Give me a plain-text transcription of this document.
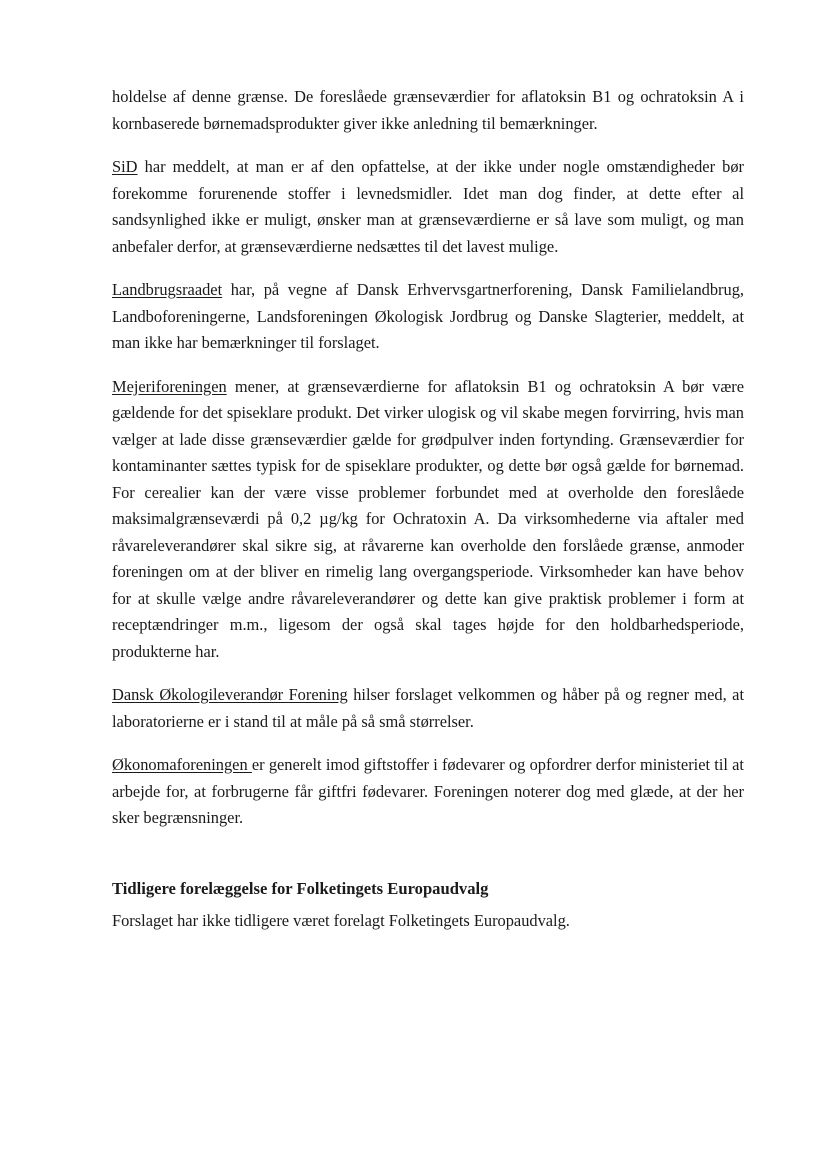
holdelse af denne grænse. De foreslåede grænseværdier for aflatoksin B1 og ochratoksin A i kornbaserede børnemadsprodukter giver ikke anledning til bemærkninger.

SiD har meddelt, at man er af den opfattelse, at der ikke under nogle omstændigheder bør forekomme forurenende stoffer i levnedsmidler. Idet man dog finder, at dette efter al sandsynlighed ikke er muligt, ønsker man at grænseværdierne er så lave som muligt, og man anbefaler derfor, at grænseværdierne nedsættes til det lavest mulige.

Landbrugsraadet har, på vegne af Dansk Erhvervsgartnerforening, Dansk Familielandbrug, Landboforeningerne, Landsforeningen Økologisk Jordbrug og Danske Slagterier, meddelt, at man ikke har bemærkninger til forslaget.

Mejeriforeningen mener, at grænseværdierne for aflatoksin B1 og ochratoksin A bør være gældende for det spiseklare produkt. Det virker ulogisk og vil skabe megen forvirring, hvis man vælger at lade disse grænseværdier gælde for grødpulver inden fortynding. Grænseværdier for kontaminanter sættes typisk for de spiseklare produkter, og dette bør også gælde for børnemad. For cerealier kan der være visse problemer forbundet med at overholde den foreslåede maksimalgrænseværdi på 0,2 µg/kg for Ochratoxin A. Da virksomhederne via aftaler med råvareleverandører skal sikre sig, at råvarerne kan overholde den forslåede grænse, anmoder foreningen om at der bliver en rimelig lang overgangsperiode. Virksomheder kan have behov for at skulle vælge andre råvareleverandører og dette kan give praktisk problemer i form at receptændringer m.m., ligesom der også skal tages højde for den holdbarhedsperiode, produkterne har.

Dansk Økologileverandør Forening hilser forslaget velkommen og håber på og regner med, at laboratorierne er i stand til at måle på så små størrelser.

Økonomaforeningen er generelt imod giftstoffer i fødevarer og opfordrer derfor ministeriet til at arbejde for, at forbrugerne får giftfri fødevarer. Foreningen noterer dog med glæde, at der her sker begrænsninger.

Tidligere forelæggelse for Folketingets Europaudvalg

Forslaget har ikke tidligere været forelagt Folketingets Europaudvalg.
